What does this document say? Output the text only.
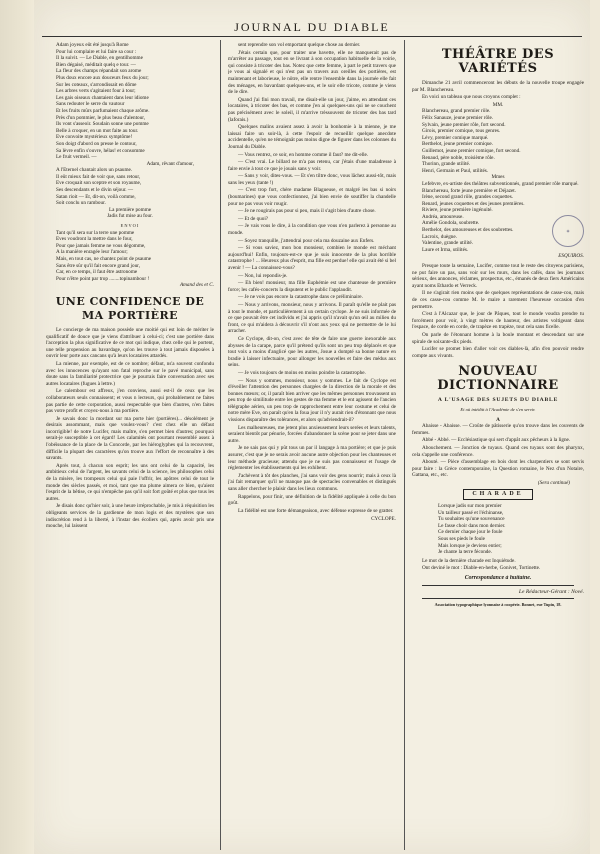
JOURNAL DU DIABLE
Adam joyeux eût été jusqu'à Rome
Pour lui complaire et lui faire sa cour :
Il la suivit. — Le Diable, en gentilhomme
Bien dégaisé, méditait quelq e tour. —
La fleur des champs répandait son arome
Plus doux encore aux douceurs feux du jour;
Sur les coteaux, s'arrondissait en dôme
Les arbres verts s'agitaient four à tour;
Les gais oiseaux chantaient dans leur idiome
Sans redouter le serre du vautour
Et les fruits mûrs parfumaient chaque arôme.
Près d'un pommier, le plus beau d'alentour,
Ils vont s'asseoir. Soudain sonne une pomme
Belle à croquer, en un mot faite au tour.
Eve convoite mystérieux symptôme!
Son doigt d'abord on presse le contour,
Sa lèvre enfin s'ouvre, hélas! et consomme
Le fruit vermeil. —
Adam, rêvant d'amour,
A l'Eternel chantait alors un psaume.
Il eût mieux fait de voir que, sans retour,
Eve croquait son sceptre et son royaume,
Ses descendants et le divin séjour. —
Satan rioit — Et, dit-on, voilà comme,
Soit conclu un rambour.
La première pomme
Jadis fut mise au four.
ENVOI
Tant qu'il sera sur la terre une pomme
Eves voudront la mettre dans le four,
Pour que jamais femme ne vous dégomme,
A la manière enragée leur l'amour;
Mais, en tout cas, ne chantez point de psaume
Sans être sûr qu'il fait encore grand jour,
Car, en ce temps, il faut être astronome
Pour n'être point par trop ........topinambour !
Amand des et C.
UNE CONFIDENCE DE MA PORTIÈRE

Le concierge de ma maison possède une moitié qui est loin de mériter le qualificatif de douce que je viens d'attribuer à celui-ci; c'est une portière dans l'acception la plus significative de ce mot qui indique, chez celle qui le portent, une telle propension au bavardage, qu'on les trouve à tout jamais disposées à ouvrir leur porte aux cancans qu'à leurs locataires attardés.

La mienne, par exemple, est de ce nombre; défaut, ns'a souvent confondu avec les innocences qu'ayant son fatal reproche sur le pavé municipal, sans doute sans la familiarité protectrice que je pourrais faire conversation avec ses autres locataires (fugues à lettre.)

Le calembour est affreux, j'en conviens, aussi est-il de ceux que les collaborateurs seuls connaissent; et vous n lecteurs, qui probablement ne faites pas partie de cette corporation, aussi respectable que bien d'autres, n'en faites pas votre profit et croyez-nous à ma portière.

Je savais donc la mordant sur ma porte hier (portières)... désolément je desirais assommant, mais que voulez-vous? c'est chez elle un défaut incorrigible! de notre Lucifer, mais maître, s'en permet bien d'autres; pourquoi serait-je susceptible à cet égard! Les calamités ont pourtant ressemblé assez à l'obéissance de la place de la Concorde, par les hiéroglyphes qui la recouvrent, difficile la plupart des caractères qu'on trouve aux l'effort de reconnaître à des savants.

Après tout, à chacun son esprit; les uns ont celui de la capacité, les ambitieux celui de l'argent, les savants celui de la science, les philosophes celui de la misère, les trompeurs celui qui paie l'offrir, les apôtres celui de tout le monde des siècles passés, et moi, tant que ma plume aimera ce bien, qu'aient l'esprit de la bêtise, ce qui n'empêche pas qu'il soit fort goûté et plus que tous les autres.

Je disais donc qu'hier soir, à une heure irréprochable, je mis à réquisition les obligeants services de la gardienne de mon logis et des mystères que son indiscrétion rend à la liberté, à l'instar des écoliers qui, après avoir pris une mouche, lui laissent

sent reprendre son vol emportant quelque chose au dernier.

J'étais certain que, pour traiter une bavette, elle ne manquerait pas de m'arrêter au passage, tout en se livrant à son occupation habituelle de la voirie, qui consiste à tricoter des bas. Notez que cette femme, à part le petit travers que je vous ai signalé et qui n'est pas un travers aux oreilles des portières, est maintenant et laborieuse, le nôtre, elle rentre l'ensemble dans la journée elle fait des ménages, en bavardant quelques-uns, et le soir elle tricote, comme je viens de le dire.

Quand j'ai fini mon travail, me disait-elle un jour, j'aime, en attendant ces locataires, à tricoter des bas, et comme j'en ai quelques-uns qui ne se couchent pas précisément avec le soleil, il m'arrive trèssouvent de tricoter des bas tard (laforais.)

Quelques malins avaient assez à avoir la bonhomie à la mienne, je me laissai faire un soir-là, à cette l'espoir de recueillir quelque anecdote accidentelle, qu'en ne témoignât pas moins digne de figurer dans les colonnes du Journal du Diable.

— Vous rentrez, ce soir, en homme comme il faut? me dit-elle.

— C'est vrai. Le billard ne m'a pas retenu, car j'étais d'une maladresse à faire envie à tout ce que je jouais sans y voir.

— Sans y voir, dites-vous. — Et s'en tiltre donc, vous lâchez aussi-tôt, mais sans les yeux (tante !)

— C'est trop fort, chère madame Blagueuse, et malgré les bas si noirs (boumarines) que vous confectionnez, j'ai bien envie de soutiffer la chandelle pour ne pas vous voir rougir.

— Je ne rougirais pas pour si peu, mais il s'agit bien d'autre chose.

— Et de quoi?

— Je vais vous le dire, à la condition que vous n'en parlerez à personne au monde.

— Soyez tranquille, j'attendrai pour cela ma douzaine aux Enfers.

— Si vous saviez, mon bon monsieur, combien le monde est méchant aujourd'hui! Enfin, toujours-est-ce que je suis innocente de la plus horrible catastrophe ! ... Heureux plus d'esprit, ma fille est perdue! elle qui avait été si bel avenir ! — La connaissez-vous?

— Non, lui repondis-je.

— Eh bien! monsieur, ma fille Euphémie est une chanteuse de première force; les cafés-concerts la disputent et le public l'applaudit.

— Je ne vois pas encore la catastrophe dans ce préliminaire.

— Nous y arrivons, monsieur, nous y arrivons. Il paraît qu'elle ne plait pas à tout le monde, et particulièrement à un certain cyclope. Je ne suis informée de ce que pouvait être cet individu et j'ai appris qu'il n'avait qu'un œil au milieu du front, ce qui m'aidera à découvrir s'il n'ont aux yeux qui ne permettre de le lui arracher.

Ce Cyclope, dit-on, c'est avec de tête de faire une guerre inexorable aux abysses de la carape, parce qu'il prétend qu'ils sont un peu trop déplacés et que tout voix a moins d'anglicé que les autres, Josue a dompté sa bonne nature en bradie à laisser infectuaire, pour allonger les nouvelles et faire des médus aux seins.

— Je vois toujours de moins en moins poindre la catastrophe.

— Nous y sommes, monsieur, nous y sommes. Le fait de Cyclope est d'éveiller l'attention des personnes chargées de la direction de la morale et des bonnes mœurs; or, il paraît bien arriver que les mêmes personnes trouvassent un peu trop de similitude entre les gestes de ma femme et le ent agissent de l'ancien télégraphe aérien, un peu trop de rapprochement entre leur costume et celui de notre mère Eve, on paraît qu'en la foua jour il n'y aurait rien d'étonnant que nous vissions disparaître des tolérances, et alors qu'adviendrait-il?

Les malheureuses, me jetent plus anxieusement leurs serées et leurs talents, seraient bientôt par pénurie, forcées d'abandonner la scène pour se jeter dans une autre.

Je ne sais pas qui y pût tous un par il langage à ma portière; et que je puis assurer, c'est que je ne serais avoir aucune autre objection pour les chanteuses et leur méthode gracieuse; attendu que je ne suis pas connaisseur et l'usage de réglementer les établissements qui les exhibent.

J'achèvent à tôt des planches, j'ai sans voir des gens nourrir; mais à ceux là j'ai fait remarquer qu'il ne manque pas de spectacles convenables et distingués sans aller chercher le plaisir dans les lieux communs.

Rappelons, pour finir, une définition de la fidélité appliquée à celle du bon goût.

La fidélité est une forte démangeaison, avec défense expresse de se gratter.

CYCLOPE.
THÉÂTRE DES VARIÉTÉS

Dimanche 21 avril commenceront les débuts de la nouvelle troupe engagée par M. Blanchereau.

En voici un tableau que nous croyons complet :

MM.
Blanchereau, grand premier rôle.
Félix Sanauze, jeune premier rôle.
Sylvain, jeune premier rôle, fort second.
Girois, premier comique, tous genres.
Lévy, premier comique marqué.
Berthelot, jeune premier comique.
Guillemot, jeune premier comique, fort second.
Renaud, père noble, troisième rôle.
Thorinn, grande utilité.
Henri, Germain et Paul, utilités.
Mmes
Lefebvre, ex-artiste des théâtres subventionnés, grand premier rôle marqué.
Blanchereau, forte jeune première et Déjazet.
Irène, second grand rôle, grandes coquettes.
Renard, jeunes coquettes et des jeunes premières.
Riviere, jeune première ingénuité.
Andréa, amoureuse.
Amélie Gondola, soubrette.
Berthelot, des amoureuses et des soubrettes.
Lacroix, duègne.
Valentine, grande utilité.
Laure et Irma, utilités.
ESQUIROS.

Presque toute la semaine, Lucifer, comme tout le reste des citoyens parisiens, ne put faire un pas, sans voir sur les murs, dans les cafés, dans les journaux sérieux, des annonces, réclames, prospectus, etc., émanés de deux fiers Américains ayant noms Ethardo et Verreck.

Il ne s'agirait rien moins que de quelques représentations de casse-cou, mais de ces casse-cou comme M. le maire a rarement l'heureuse occasion d'en permettre.

C'est à l'Alcazar que, le jour de Pâques, tout le monde voudra prendre tu forcément pour voir, à vingt mètres de hauteur, des artistes voltigeant dans l'espace, de corde en corde, de trapèze en trapèze, tout cela sans ficelle.

On parle de l'étonnant homme à la boule montant et descendant sur une spirale de soixante-dix pieds.

Lucifer se promet bien d'aller voir ces diables-là, afin d'en pouvoir rendre compte aux vivants.

NOUVEAU DICTIONNAIRE
A L'USAGE DES SUJETS DU DIABLE
Et où intéditt à l'Académie de s'en servir.
A

Abaisse - Abaisse. — Croûte de pâtisserie qu'on trouve dans les couvents de femmes.

Abbé - Abbé. — Ecclésiastique qui sert d'appât aux pêcheurs à la ligne.

Abouchement. — Jonction de tuyaux. Quand ces tuyaux sont des pharynx, cela s'appelle une conférence.

Abouté. — Pièce d'assemblage en bois dont les charpentiers se sont servis pour faire : la Grèce contemporaine, la Question romaine, le Nez d'un Notaire, Gattana, etc., etc.

(Sera continué)
CHARADE
Lorsque jadis sur mon premier
Un tailleur passé et l'échinanse,
Tu souhaites qu'une souvenance
Le fasse choir dans mon dernier.
Ce dernier chaque jour le foule
Sous ses pieds le foule
Mais lorsque je deviens entier;
Je chante la terre féconde.

Le mot de la dernière charade est Inquiétude.

Ont deviné le mot : Diable-en-herbe, Gonivet, Tortinette.

Correspondance à huitaine.
Le Rédacteur-Gérant : Nové.
Association typographique lyonnaise à coopérie. Bonnet, rue Tupin, 18.
◉
